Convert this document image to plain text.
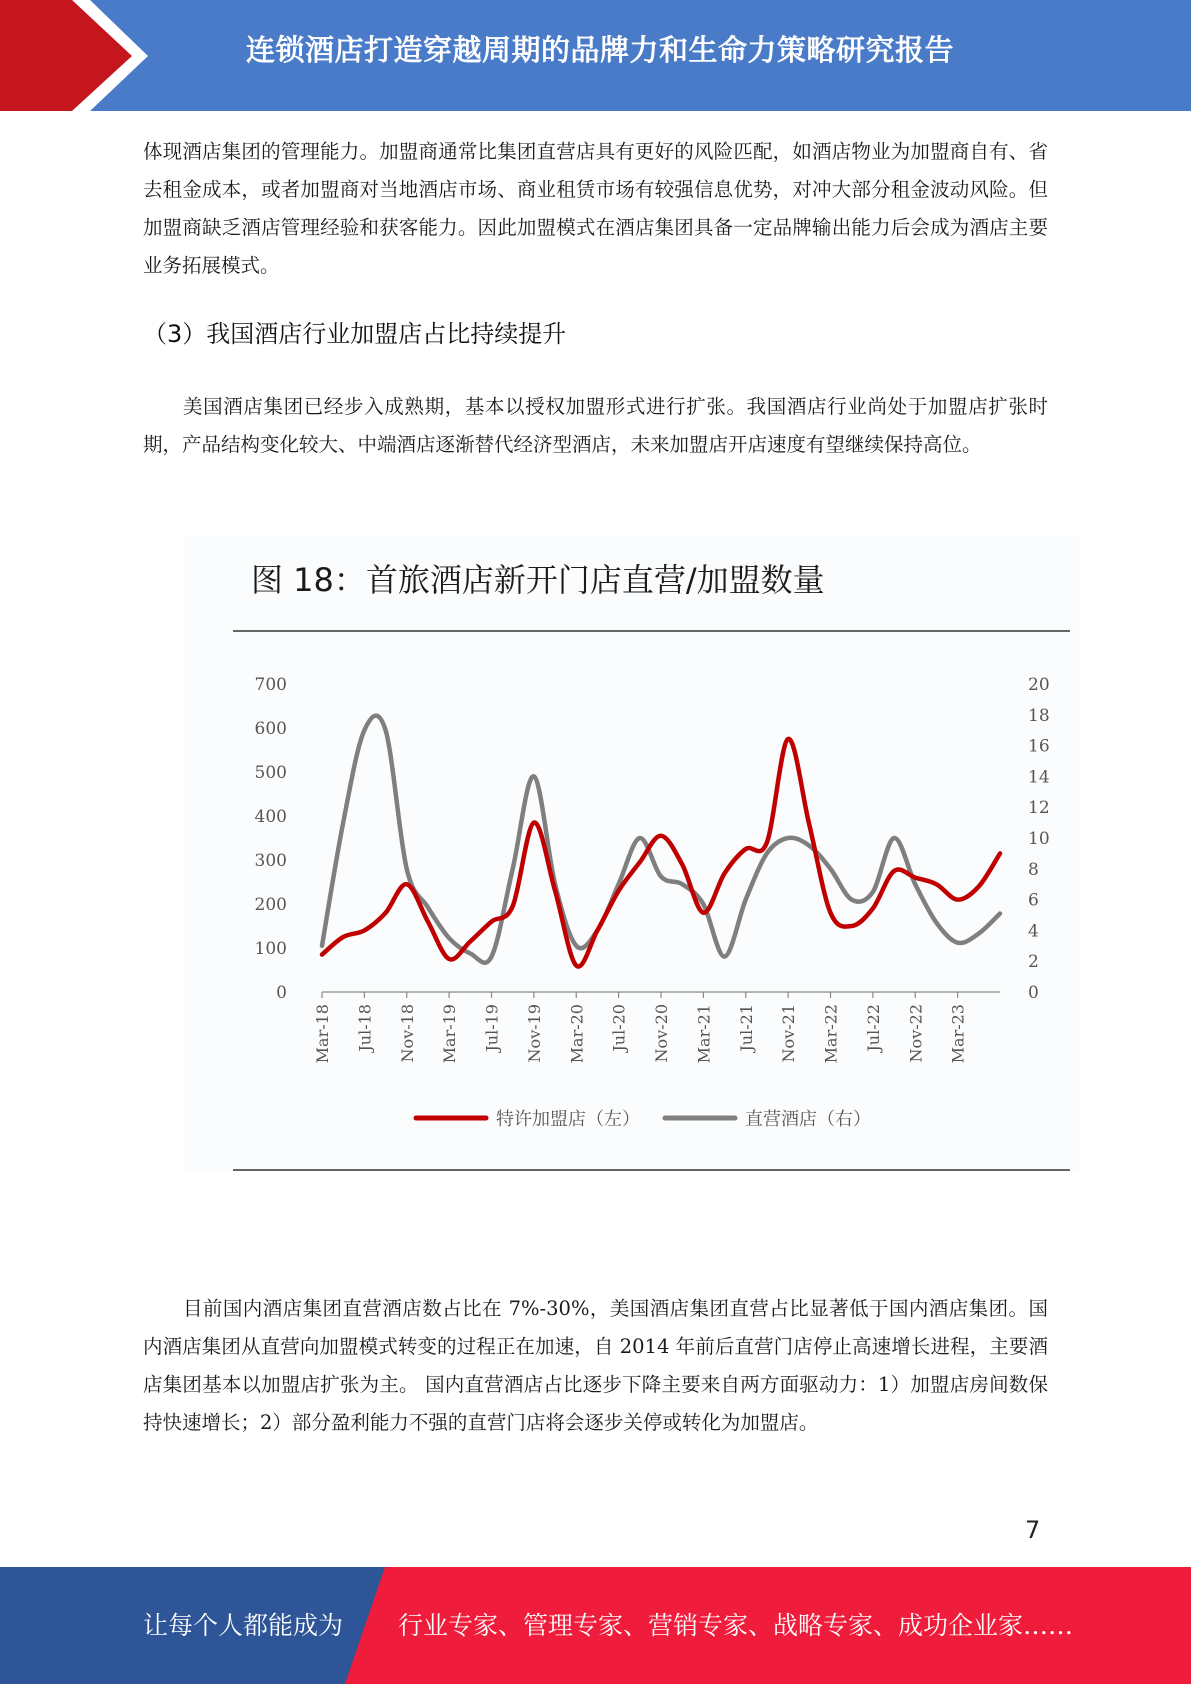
连锁酒店打造穿越周期的品牌力和生命力策略研究报告

体现酒店集团的管理能力。加盟商通常比集团直营店具有更好的风险匹配，如酒店物业为加盟商自有、省去租金成本，或者加盟商对当地酒店市场、商业租赁市场有较强信息优势，对冲大部分租金波动风险。但加盟商缺乏酒店管理经验和获客能力。因此加盟模式在酒店集团具备一定品牌输出能力后会成为酒店主要业务拓展模式。

（3）我国酒店行业加盟店占比持续提升

美国酒店集团已经步入成熟期，基本以授权加盟形式进行扩张。我国酒店行业尚处于加盟店扩张时期，产品结构变化较大、中端酒店逐渐替代经济型酒店，未来加盟店开店速度有望继续保持高位。

图 18：首旅酒店新开门店直营/加盟数量
0
100
200
300
400
500
600
700
0
2
4
6
8
10
12
14
16
18
20
Mar-18 Jul-18 Nov-18 Mar-19 Jul-19 Nov-19 Mar-20 Jul-20 Nov-20 Mar-21 Jul-21 Nov-21 Mar-22 Jul-22 Nov-22 Mar-23
特许加盟店（左）	直营酒店（右）

目前国内酒店集团直营酒店数占比在 7%-30%，美国酒店集团直营占比显著低于国内酒店集团。国内酒店集团从直营向加盟模式转变的过程正在加速，自 2014 年前后直营门店停止高速增长进程，主要酒店集团基本以加盟店扩张为主。 国内直营酒店占比逐步下降主要来自两方面驱动力：1）加盟店房间数保持快速增长；2）部分盈利能力不强的直营门店将会逐步关停或转化为加盟店。

7
让每个人都能成为 行业专家、管理专家、营销专家、战略专家、成功企业家……
